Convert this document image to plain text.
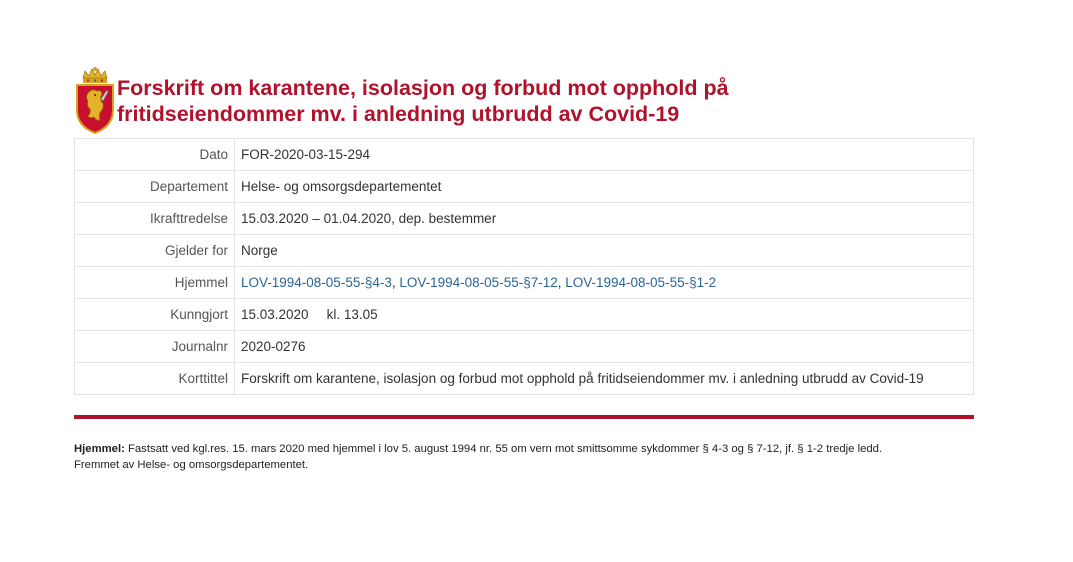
Forskrift om karantene, isolasjon og forbud mot opphold på fritidseiendommer mv. i anledning utbrudd av Covid-19
Dato	FOR-2020-03-15-294
Departement	Helse- og omsorgsdepartementet
Ikrafttredelse	15.03.2020 – 01.04.2020, dep. bestemmer
Gjelder for	Norge
Hjemmel	LOV-1994-08-05-55-§4-3, LOV-1994-08-05-55-§7-12, LOV-1994-08-05-55-§1-2
Kunngjort	15.03.2020 kl. 13.05
Journalnr	2020-0276
Korttittel	Forskrift om karantene, isolasjon og forbud mot opphold på fritidseiendommer mv. i anledning utbrudd av Covid-19
Hjemmel: Fastsatt ved kgl.res. 15. mars 2020 med hjemmel i lov 5. august 1994 nr. 55 om vern mot smittsomme sykdommer § 4-3 og § 7-12, jf. § 1-2 tredje ledd.
Fremmet av Helse- og omsorgsdepartementet.
